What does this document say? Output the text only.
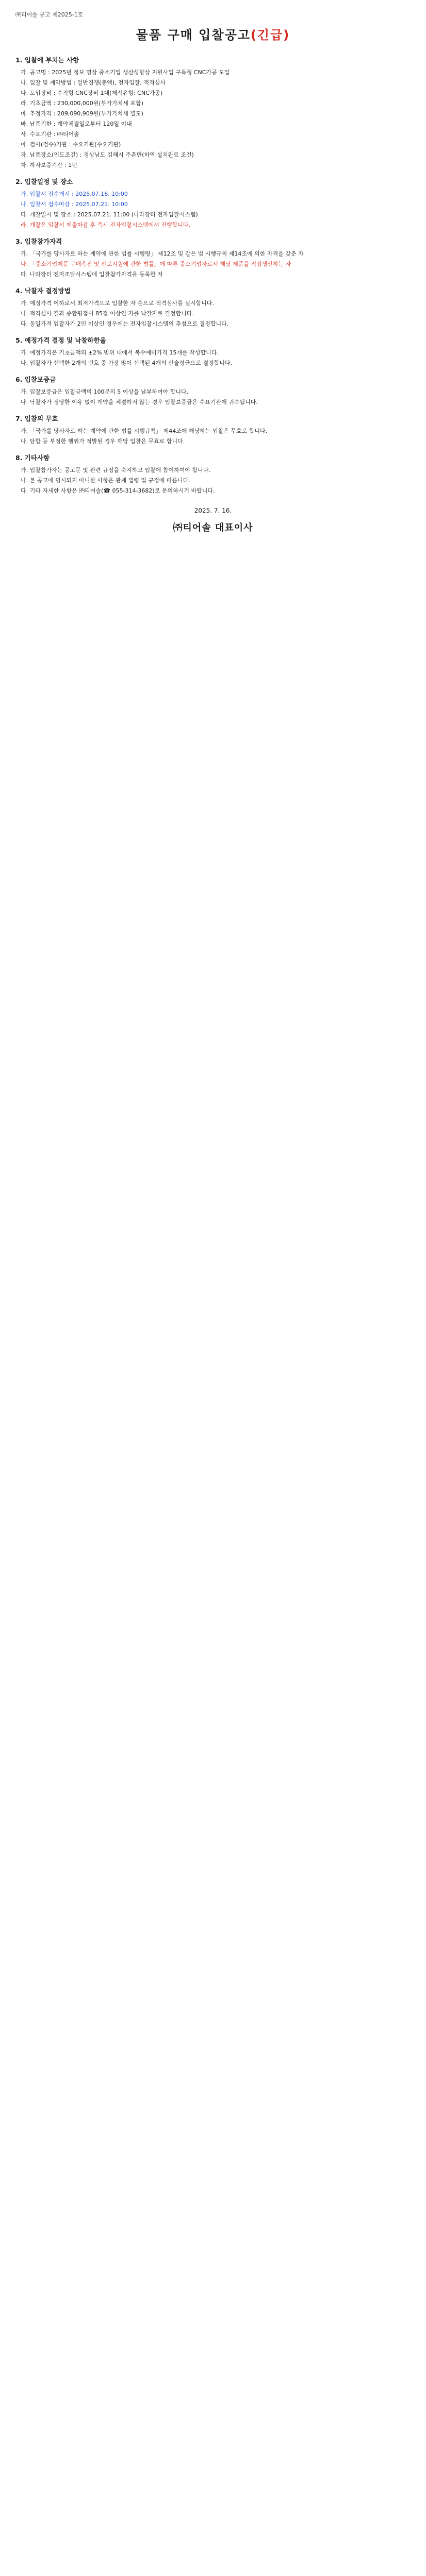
㈜티어솔 공고 제2025-1호
물품 구매 입찰공고(긴급)
1. 입찰에 부치는 사항
가. 공고명 : 2025년 정보 영상 중소기업 생산성향상 지원사업 구독형 CNC가공 도입
나. 입찰 및 계약방법 : 일반경쟁(총액), 전자입찰, 적격심사
다. 도입장비 : 수직형 CNC장비 1대(제작유형: CNC가공)
라. 기초금액 : 230,000,000원(부가가치세 포함)
마. 추정가격 : 209,090,909원(부가가치세 별도)
바. 납품기한 : 계약체결일로부터 120일 이내
사. 수요기관 : ㈜티어솔
아. 검사(검수)기관 : 수요기관(수요기관)
자. 납품장소(인도조건) : 경상남도 김해시 주촌면(하역 설치완료 조건)
차. 하자보증기간 : 1년
2. 입찰일정 및 장소
가. 입찰서 접수개시 : 2025.07.16. 10:00
나. 입찰서 접수마감 : 2025.07.21. 10:00
다. 개찰일시 및 장소 : 2025.07.21. 11:00 (나라장터 전자입찰시스템)
라. 개찰은 입찰서 제출마감 후 즉시 전자입찰시스템에서 진행합니다.
3. 입찰참가자격
가. 「국가를 당사자로 하는 계약에 관한 법률 시행령」 제12조 및 같은 법 시행규칙 제14조에 의한 자격을 갖춘 자
나. 「중소기업제품 구매촉진 및 판로지원에 관한 법률」에 따른 중소기업자로서 해당 제품을 직접생산하는 자
다. 나라장터 전자조달시스템에 입찰참가자격을 등록한 자
4. 낙찰자 결정방법
가. 예정가격 이하로서 최저가격으로 입찰한 자 순으로 적격심사를 실시합니다.
나. 적격심사 결과 종합평점이 85점 이상인 자를 낙찰자로 결정합니다.
다. 동일가격 입찰자가 2인 이상인 경우에는 전자입찰시스템의 추첨으로 결정합니다.
5. 예정가격 결정 및 낙찰하한율
가. 예정가격은 기초금액의 ±2% 범위 내에서 복수예비가격 15개를 작성합니다.
나. 입찰자가 선택한 2개의 번호 중 가장 많이 선택된 4개의 산술평균으로 결정합니다.
6. 입찰보증금
가. 입찰보증금은 입찰금액의 100분의 5 이상을 납부하여야 합니다.
나. 낙찰자가 정당한 이유 없이 계약을 체결하지 않는 경우 입찰보증금은 수요기관에 귀속됩니다.
7. 입찰의 무효
가. 「국가를 당사자로 하는 계약에 관한 법률 시행규칙」 제44조에 해당하는 입찰은 무효로 합니다.
나. 담합 등 부정한 행위가 적발된 경우 해당 입찰은 무효로 합니다.
8. 기타사항
가. 입찰참가자는 공고문 및 관련 규정을 숙지하고 입찰에 참여하여야 합니다.
나. 본 공고에 명시되지 아니한 사항은 관계 법령 및 규정에 따릅니다.
다. 기타 자세한 사항은 ㈜티어솔(☎ 055-314-3682)로 문의하시기 바랍니다.
2025. 7. 16.
㈜티어솔 대표이사
